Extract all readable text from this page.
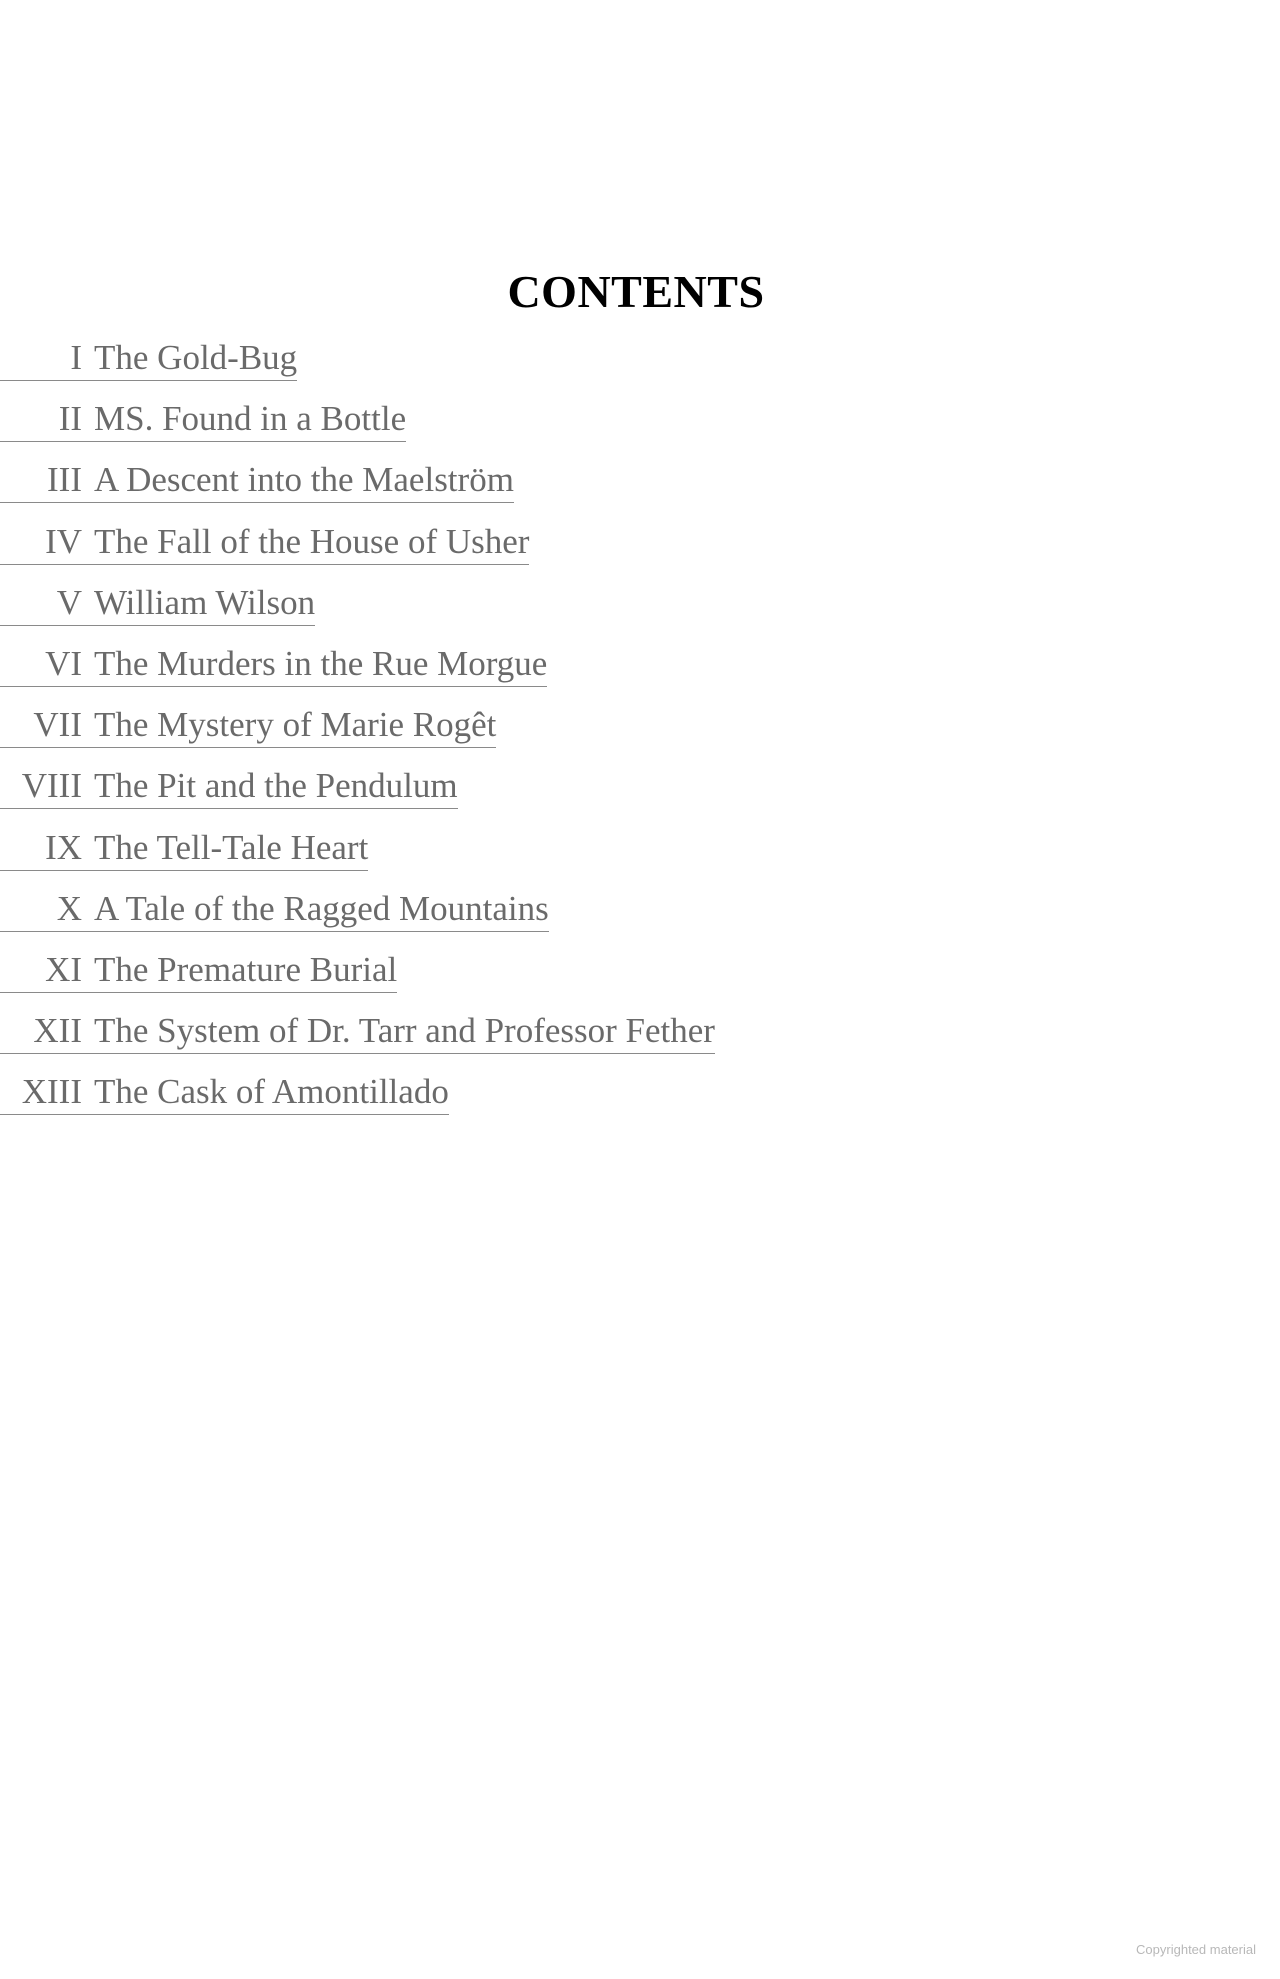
CONTENTS
I The Gold-Bug
II MS. Found in a Bottle
III A Descent into the Maelström
IV The Fall of the House of Usher
V William Wilson
VI The Murders in the Rue Morgue
VII The Mystery of Marie Rogêt
VIII The Pit and the Pendulum
IX The Tell-Tale Heart
X A Tale of the Ragged Mountains
XI The Premature Burial
XII The System of Dr. Tarr and Professor Fether
XIII The Cask of Amontillado
Copyrighted material
